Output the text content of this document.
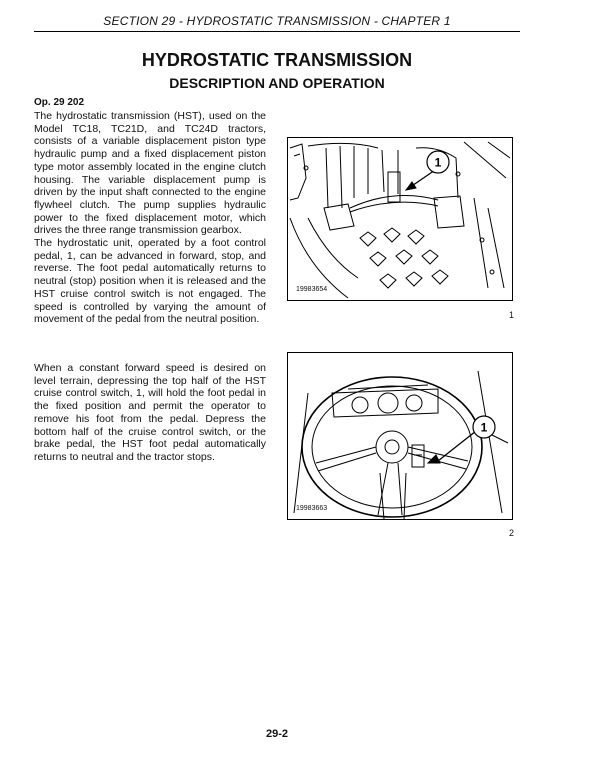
SECTION 29 - HYDROSTATIC TRANSMISSION - CHAPTER 1
HYDROSTATIC TRANSMISSION
DESCRIPTION AND OPERATION
Op. 29 202

The hydrostatic transmission (HST), used on the Model TC18, TC21D, and TC24D tractors, consists of a variable displacement piston type hydraulic pump and a fixed displacement piston type motor assembly located in the engine clutch housing. The variable displacement pump is driven by the input shaft connected to the engine flywheel clutch. The pump supplies hydraulic power to the fixed displacement motor, which drives the three range transmission gearbox.

The hydrostatic unit, operated by a foot control pedal, 1, can be advanced in forward, stop, and reverse. The foot pedal automatically returns to neutral (stop) position when it is released and the HST cruise control switch is not engaged. The speed is controlled by varying the amount of movement of the pedal from the neutral position.

When a constant forward speed is desired on level terrain, depressing the top half of the HST cruise control switch, 1, will hold the foot pedal in the fixed position and permit the operator to remove his foot from the pedal. Depress the bottom half of the cruise control switch, or the brake pedal, the HST foot pedal automatically returns to neutral and the tractor stops.

1
19983654
1
1
19983663
2
29-2
